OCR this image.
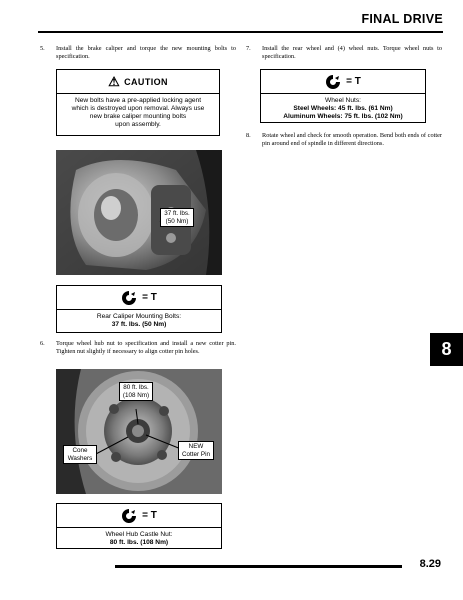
FINAL DRIVE
5. Install the brake caliper and torque the new mounting bolts to specification.
⚠ CAUTION
New bolts have a pre-applied locking agent
which is destroyed upon removal. Always use
new brake caliper mounting bolts
upon assembly.
37 ft. lbs.
(50 Nm)
= T
Rear Caliper Mounting Bolts:
37 ft. lbs. (50 Nm)
6. Torque wheel hub nut to specification and install a new cotter pin. Tighten nut slightly if necessary to align cotter pin holes.
80 ft. lbs.
(108 Nm)
Cone
Washers
NEW
Cotter Pin
= T
Wheel Hub Castle Nut:
80 ft. lbs. (108 Nm)
7. Install the rear wheel and (4) wheel nuts. Torque wheel nuts to specification.
= T
Wheel Nuts:
Steel Wheels: 45 ft. lbs. (61 Nm)
Aluminum Wheels: 75 ft. lbs. (102 Nm)
8. Rotate wheel and check for smooth operation. Bend both ends of cotter pin around end of spindle in different directions.
8
8.29
